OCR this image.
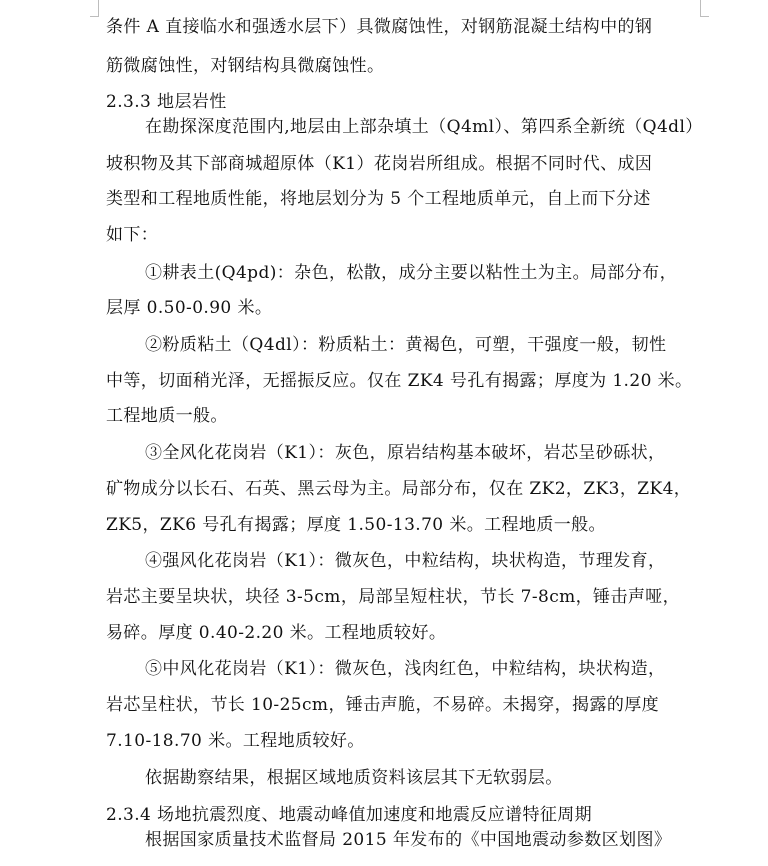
条件 A 直接临水和强透水层下）具微腐蚀性，对钢筋混凝土结构中的钢
筋微腐蚀性，对钢结构具微腐蚀性。
2.3.3 地层岩性
在勘探深度范围内,地层由上部杂填土（Q4ml）、第四系全新统（Q4dl）
坡积物及其下部商城超原体（K1）花岗岩所组成。根据不同时代、成因
类型和工程地质性能，将地层划分为 5 个工程地质单元，自上而下分述
如下：
①耕表土(Q4pd)：杂色，松散，成分主要以粘性土为主。局部分布，
层厚 0.50-0.90 米。
②粉质粘土（Q4dl）：粉质粘土：黄褐色，可塑，干强度一般，韧性
中等，切面稍光泽，无摇振反应。仅在 ZK4 号孔有揭露；厚度为 1.20 米。
工程地质一般。
③全风化花岗岩（K1）：灰色，原岩结构基本破坏，岩芯呈砂砾状，
矿物成分以长石、石英、黑云母为主。局部分布，仅在 ZK2，ZK3，ZK4，
ZK5，ZK6 号孔有揭露；厚度 1.50-13.70 米。工程地质一般。
④强风化花岗岩（K1）：微灰色，中粒结构，块状构造，节理发育，
岩芯主要呈块状，块径 3-5cm，局部呈短柱状，节长 7-8cm，锤击声哑，
易碎。厚度 0.40-2.20 米。工程地质较好。
⑤中风化花岗岩（K1）：微灰色，浅肉红色，中粒结构，块状构造，
岩芯呈柱状，节长 10-25cm，锤击声脆，不易碎。未揭穿，揭露的厚度
7.10-18.70 米。工程地质较好。
依据勘察结果，根据区域地质资料该层其下无软弱层。
2.3.4 场地抗震烈度、地震动峰值加速度和地震反应谱特征周期
根据国家质量技术监督局 2015 年发布的《中国地震动参数区划图》
